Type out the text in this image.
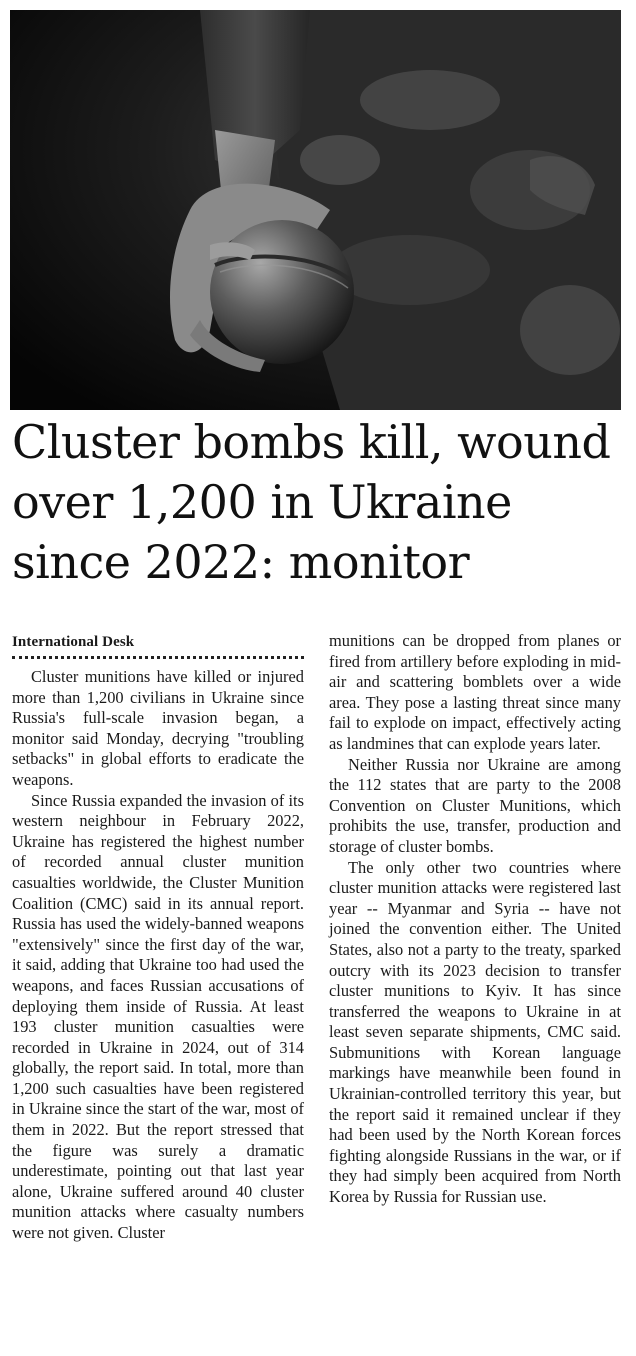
Cluster bombs kill, wound over 1,200 in Ukraine since 2022: monitor
International Desk

Cluster munitions have killed or injured more than 1,200 civilians in Ukraine since Russia's full-scale invasion began, a monitor said Monday, decrying "troubling setbacks" in global efforts to eradicate the weapons.

Since Russia expanded the invasion of its western neighbour in February 2022, Ukraine has registered the highest number of recorded annual cluster munition casualties worldwide, the Cluster Munition Coalition (CMC) said in its annual report. Russia has used the widely-banned weapons "extensively" since the first day of the war, it said, adding that Ukraine too had used the weapons, and faces Russian accusations of deploying them inside of Russia. At least 193 cluster munition casualties were recorded in Ukraine in 2024, out of 314 globally, the report said. In total, more than 1,200 such casualties have been registered in Ukraine since the start of the war, most of them in 2022. But the report stressed that the figure was surely a dramatic underestimate, pointing out that last year alone, Ukraine suffered around 40 cluster munition attacks where casualty numbers were not given. Cluster

munitions can be dropped from planes or fired from artillery before exploding in mid-air and scattering bomblets over a wide area. They pose a lasting threat since many fail to explode on impact, effectively acting as landmines that can explode years later.

Neither Russia nor Ukraine are among the 112 states that are party to the 2008 Convention on Cluster Munitions, which prohibits the use, transfer, production and storage of cluster bombs.

The only other two countries where cluster munition attacks were registered last year -- Myanmar and Syria -- have not joined the convention either. The United States, also not a party to the treaty, sparked outcry with its 2023 decision to transfer cluster munitions to Kyiv. It has since transferred the weapons to Ukraine in at least seven separate shipments, CMC said. Submunitions with Korean language markings have meanwhile been found in Ukrainian-controlled territory this year, but the report said it remained unclear if they had been used by the North Korean forces fighting alongside Russians in the war, or if they had simply been acquired from North Korea by Russia for Russian use.
